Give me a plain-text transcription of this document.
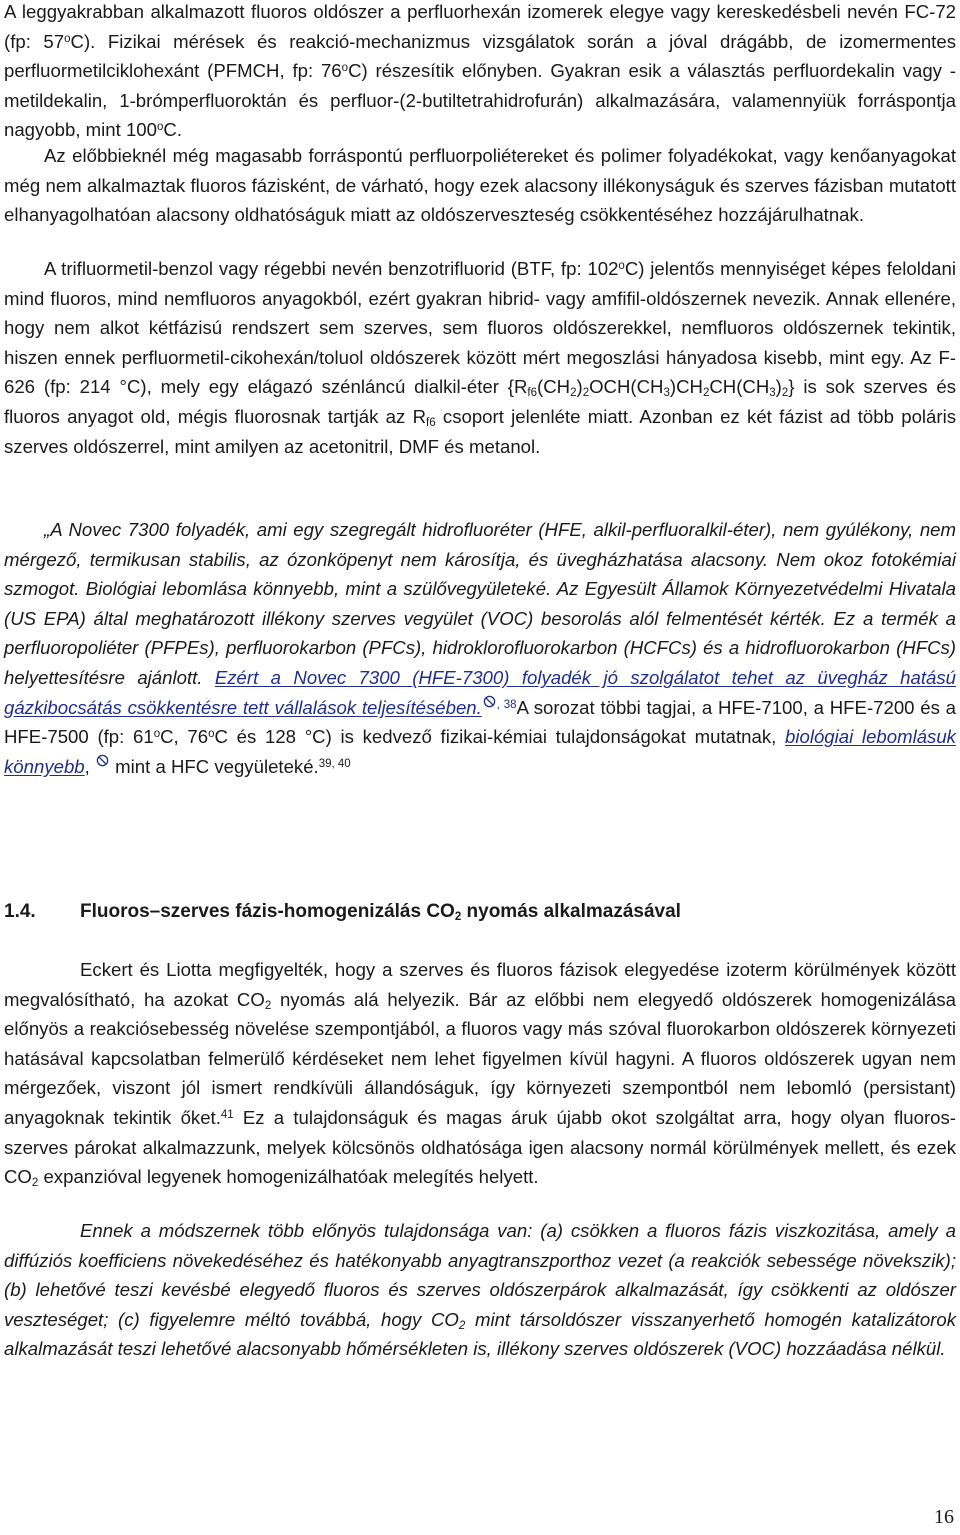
A leggyakrabban alkalmazott fluoros oldószer a perfluorhexán izomerek elegye vagy kereskedésbeli nevén FC-72 (fp: 57$^o$C). Fizikai mérések és reakció-mechanizmus vizsgálatok során a jóval drágább, de izomermentes perfluormetilciklohexánt (PFMCH, fp: 76$^o$C) részesítik előnyben. Gyakran esik a választás perfluordekalin vagy -metildekalin, 1-brómperfluoroktán és perfluor-(2-butiltetrahidrofurán) alkalmazására, valamennyiük forráspontja nagyobb, mint 100$^o$C.

Az előbbieknél még magasabb forráspontú perfluorpoliétereket és polimer folyadékokat, vagy kenőanyagokat még nem alkalmaztak fluoros fázisként, de várható, hogy ezek alacsony illékonyságuk és szerves fázisban mutatott elhanyagolhatóan alacsony oldhatóságuk miatt az oldószerveszteség csökkentéséhez hozzájárulhatnak.

A trifluormetil-benzol vagy régebbi nevén benzotrifluorid (BTF, fp: 102$^o$C) jelentős mennyiséget képes feloldani mind fluoros, mind nemfluoros anyagokból, ezért gyakran hibrid- vagy amfifil-oldószernek nevezik. Annak ellenére, hogy nem alkot kétfázisú rendszert sem szerves, sem fluoros oldószerekkel, nemfluoros oldószernek tekintik, hiszen ennek perfluormetil-cikohexán/toluol oldószerek között mért megoszlási hányadosa kisebb, mint egy. Az F-626 (fp: 214 °C), mely egy elágazó szénláncú dialkil-éter $\{R_{f6}(CH_2)_2OCH(CH_3)CH_2CH(CH_3)_2\}$ is sok szerves és fluoros anyagot old, mégis fluorosnak tartják az $R_{f6}$ csoport jelenléte miatt. Azonban ez két fázist ad több poláris szerves oldószerrel, mint amilyen az acetonitril, DMF és metanol.

„A Novec 7300 folyadék, ami egy szegregált hidrofluoréter (HFE, alkil-perfluoralkil-éter), nem gyúlékony, nem mérgező, termikusan stabilis, az ózonköpenyt nem károsítja, és üvegházhatása alacsony. Nem okoz fotokémiai szmogot. Biológiai lebomlása könnyebb, mint a szülővegyületeké. Az Egyesült Államok Környezetvédelmi Hivatala (US EPA) által meghatározott illékony szerves vegyület (VOC) besorolás alól felmentését kérték. Ez a termék a perfluoropoliéter (PFPEs), perfluorokarbon (PFCs), hidroklorofluorokarbon (HCFCs) és a hidrofluorokarbon (HFCs) helyettesítésre ajánlott. Ezért a Novec 7300 (HFE-7300) folyadék jó szolgálatot tehet az üvegház hatású gázkibocsátás csökkentésre tett vállalások teljesítésében. $^{, 38}$A sorozat többi tagjai, a HFE-7100, a HFE-7200 és a HFE-7500 (fp: 61$^o$C, 76$^o$C és 128 °C) is kedvező fizikai-kémiai tulajdonságokat mutatnak, biológiai lebomlásuk könnyebb,  mint a HFC vegyületeké.$^{39, 40}$

1.4. Fluoros–szerves fázis-homogenizálás $CO_2$ nyomás alkalmazásával

Eckert és Liotta megfigyelték, hogy a szerves és fluoros fázisok elegyedése izoterm körülmények között megvalósítható, ha azokat $CO_2$ nyomás alá helyezik. Bár az előbbi nem elegyedő oldószerek homogenizálása előnyös a reakciósebesség növelése szempontjából, a fluoros vagy más szóval fluorokarbon oldószerek környezeti hatásával kapcsolatban felmerülő kérdéseket nem lehet figyelmen kívül hagyni. A fluoros oldószerek ugyan nem mérgezőek, viszont jól ismert rendkívüli állandóságuk, így környezeti szempontból nem lebomló (persistant) anyagoknak tekintik őket.$^{41}$ Ez a tulajdonságuk és magas áruk újabb okot szolgáltat arra, hogy olyan fluoros-szerves párokat alkalmazzunk, melyek kölcsönös oldhatósága igen alacsony normál körülmények mellett, és ezek $CO_2$ expanzióval legyenek homogenizálhatóak melegítés helyett.

Ennek a módszernek több előnyös tulajdonsága van: (a) csökken a fluoros fázis viszkozitása, amely a diffúziós koefficiens növekedéséhez és hatékonyabb anyagtranszporthoz vezet (a reakciók sebessége növekszik); (b) lehetővé teszi kevésbé elegyedő fluoros és szerves oldószerpárok alkalmazását, így csökkenti az oldószer veszteséget; (c) figyelemre méltó továbbá, hogy $CO_2$ mint társoldószer visszanyerhető homogén katalizátorok alkalmazását teszi lehetővé alacsonyabb hőmérsékleten is, illékony szerves oldószerek (VOC) hozzáadása nélkül.

16
